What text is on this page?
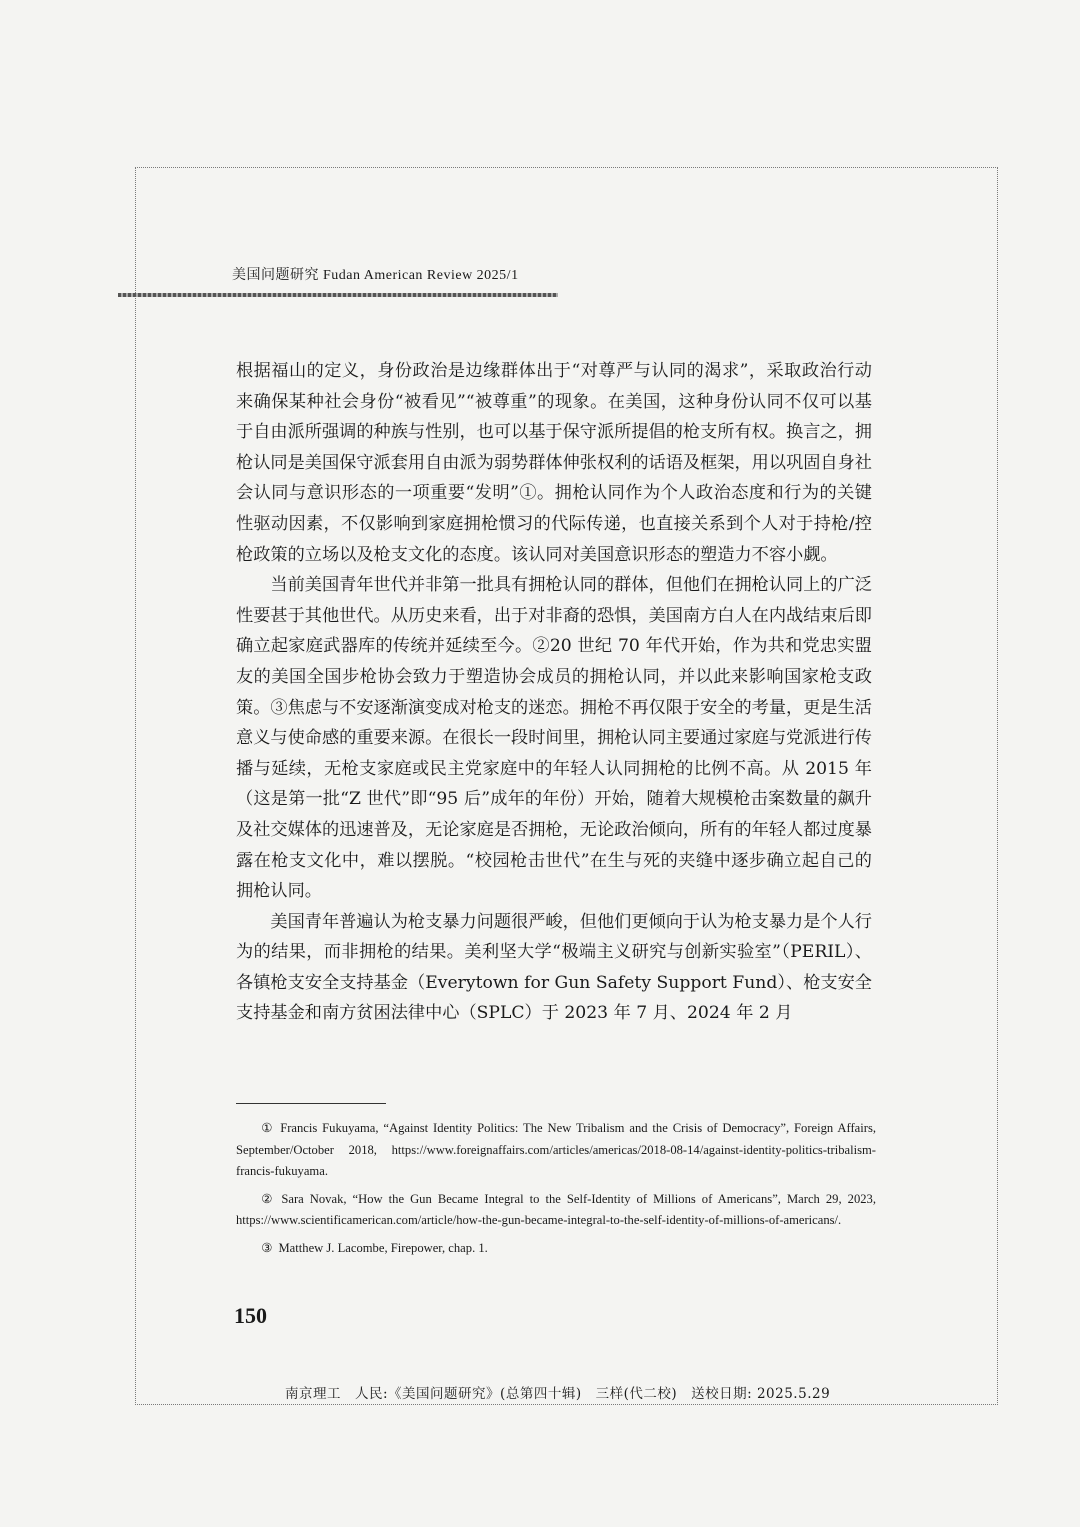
美国问题研究 Fudan American Review 2025/1

根据福山的定义，身份政治是边缘群体出于“对尊严与认同的渴求”，采取政治行动来确保某种社会身份“被看见”“被尊重”的现象。在美国，这种身份认同不仅可以基于自由派所强调的种族与性别，也可以基于保守派所提倡的枪支所有权。换言之，拥枪认同是美国保守派套用自由派为弱势群体伸张权利的话语及框架，用以巩固自身社会认同与意识形态的一项重要“发明”①。拥枪认同作为个人政治态度和行为的关键性驱动因素，不仅影响到家庭拥枪惯习的代际传递，也直接关系到个人对于持枪/控枪政策的立场以及枪支文化的态度。该认同对美国意识形态的塑造力不容小觑。

当前美国青年世代并非第一批具有拥枪认同的群体，但他们在拥枪认同上的广泛性要甚于其他世代。从历史来看，出于对非裔的恐惧，美国南方白人在内战结束后即确立起家庭武器库的传统并延续至今。②20 世纪 70 年代开始，作为共和党忠实盟友的美国全国步枪协会致力于塑造协会成员的拥枪认同，并以此来影响国家枪支政策。③焦虑与不安逐渐演变成对枪支的迷恋。拥枪不再仅限于安全的考量，更是生活意义与使命感的重要来源。在很长一段时间里，拥枪认同主要通过家庭与党派进行传播与延续，无枪支家庭或民主党家庭中的年轻人认同拥枪的比例不高。从 2015 年（这是第一批“Z 世代”即“95 后”成年的年份）开始，随着大规模枪击案数量的飙升及社交媒体的迅速普及，无论家庭是否拥枪，无论政治倾向，所有的年轻人都过度暴露在枪支文化中，难以摆脱。“校园枪击世代”在生与死的夹缝中逐步确立起自己的拥枪认同。

美国青年普遍认为枪支暴力问题很严峻，但他们更倾向于认为枪支暴力是个人行为的结果，而非拥枪的结果。美利坚大学“极端主义研究与创新实验室”（PERIL）、各镇枪支安全支持基金（Everytown for Gun Safety Support Fund）、枪支安全支持基金和南方贫困法律中心（SPLC）于 2023 年 7 月、2024 年 2 月

① Francis Fukuyama, “Against Identity Politics: The New Tribalism and the Crisis of Democracy”, Foreign Affairs, September/October 2018, https://www.foreignaffairs.com/articles/americas/2018-08-14/against-identity-politics-tribalism-francis-fukuyama.

② Sara Novak, “How the Gun Became Integral to the Self-Identity of Millions of Americans”, March 29, 2023, https://www.scientificamerican.com/article/how-the-gun-became-integral-to-the-self-identity-of-millions-of-americans/.

③ Matthew J. Lacombe, Firepower, chap. 1.

150
南京理工　人民:《美国问题研究》(总第四十辑)　三样(代二校)　送校日期: 2025.5.29
